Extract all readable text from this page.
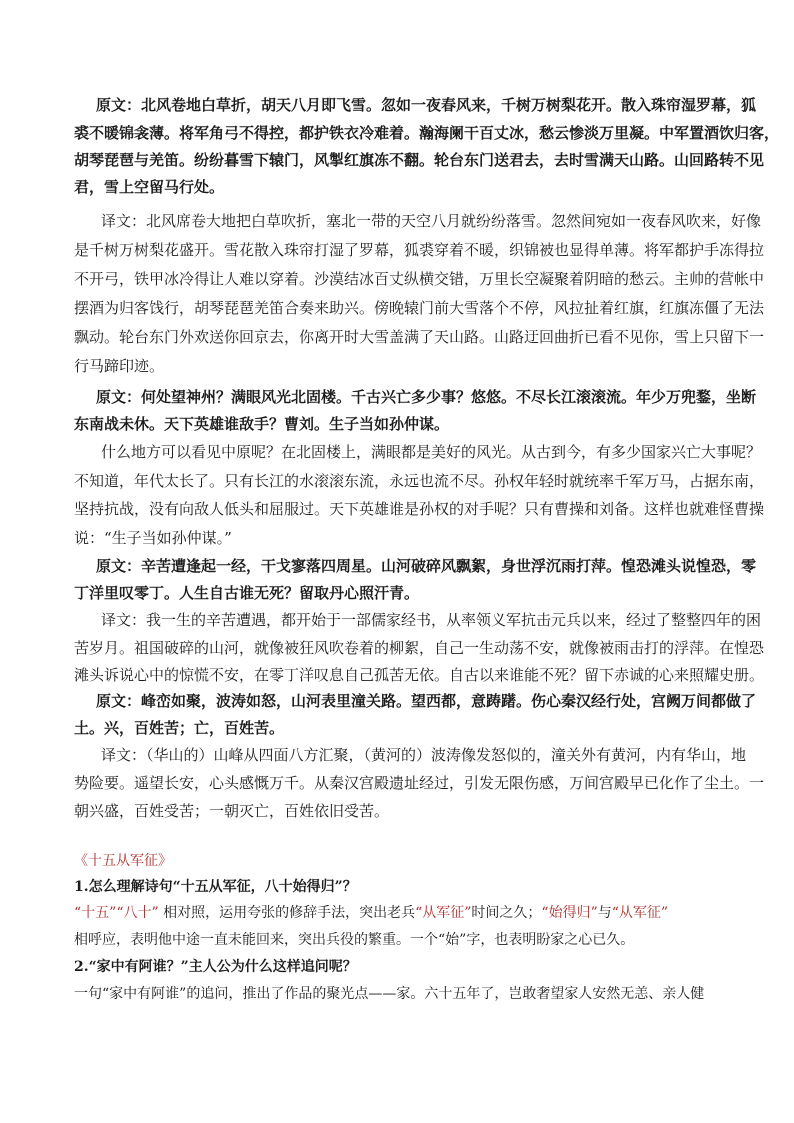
原文：北风卷地白草折，胡天八月即飞雪。忽如一夜春风来，千树万树梨花开。散入珠帘湿罗幕，狐
裘不暖锦衾薄。将军角弓不得控，都护铁衣冷难着。瀚海阑干百丈冰，愁云惨淡万里凝。中军置酒饮归客，
胡琴琵琶与羌笛。纷纷暮雪下辕门，风掣红旗冻不翻。轮台东门送君去，去时雪满天山路。山回路转不见
君，雪上空留马行处。
译文：北风席卷大地把白草吹折，塞北一带的天空八月就纷纷落雪。忽然间宛如一夜春风吹来，好像
是千树万树梨花盛开。雪花散入珠帘打湿了罗幕，狐裘穿着不暖，织锦被也显得单薄。将军都护手冻得拉
不开弓，铁甲冰冷得让人难以穿着。沙漠结冰百丈纵横交错，万里长空凝聚着阴暗的愁云。主帅的营帐中
摆酒为归客饯行，胡琴琵琶羌笛合奏来助兴。傍晚辕门前大雪落个不停，风拉扯着红旗，红旗冻僵了无法
飘动。轮台东门外欢送你回京去，你离开时大雪盖满了天山路。山路迂回曲折已看不见你，雪上只留下一
行马蹄印迹。
原文：何处望神州？满眼风光北固楼。千古兴亡多少事？悠悠。不尽长江滚滚流。年少万兜鍪，坐断
东南战未休。天下英雄谁敌手？曹刘。生子当如孙仲谋。
什么地方可以看见中原呢？在北固楼上，满眼都是美好的风光。从古到今，有多少国家兴亡大事呢？
不知道，年代太长了。只有长江的水滚滚东流，永远也流不尽。孙权年轻时就统率千军万马，占据东南，
坚持抗战，没有向敌人低头和屈服过。天下英雄谁是孙权的对手呢？只有曹操和刘备。这样也就难怪曹操
说：“生子当如孙仲谋。”
原文：辛苦遭逢起一经，干戈寥落四周星。山河破碎风飘絮，身世浮沉雨打萍。惶恐滩头说惶恐，零
丁洋里叹零丁。人生自古谁无死？留取丹心照汗青。
译文：我一生的辛苦遭遇，都开始于一部儒家经书，从率领义军抗击元兵以来，经过了整整四年的困
苦岁月。祖国破碎的山河，就像被狂风吹卷着的柳絮，自己一生动荡不安，就像被雨击打的浮萍。在惶恐
滩头诉说心中的惊慌不安，在零丁洋叹息自己孤苦无依。自古以来谁能不死？留下赤诚的心来照耀史册。
原文：峰峦如聚，波涛如怒，山河表里潼关路。望西都，意踌躇。伤心秦汉经行处，宫阙万间都做了
土。兴，百姓苦；亡，百姓苦。
译文：（华山的）山峰从四面八方汇聚，（黄河的）波涛像发怒似的，潼关外有黄河，内有华山，地
势险要。遥望长安，心头感慨万千。从秦汉宫殿遗址经过，引发无限伤感，万间宫殿早已化作了尘土。一
朝兴盛，百姓受苦；一朝灭亡，百姓依旧受苦。
《十五从军征》
1.怎么理解诗句“十五从军征，八十始得归”？
“十五”“八十” 相对照，运用夸张的修辞手法，突出老兵“从军征”时间之久；“始得归”与“从军征”
相呼应，表明他中途一直未能回来，突出兵役的繁重。一个“始”字，也表明盼家之心已久。
2.“家中有阿谁？”主人公为什么这样追问呢？
一句“家中有阿谁”的追问，推出了作品的聚光点——家。六十五年了，岂敢奢望家人安然无恙、亲人健
